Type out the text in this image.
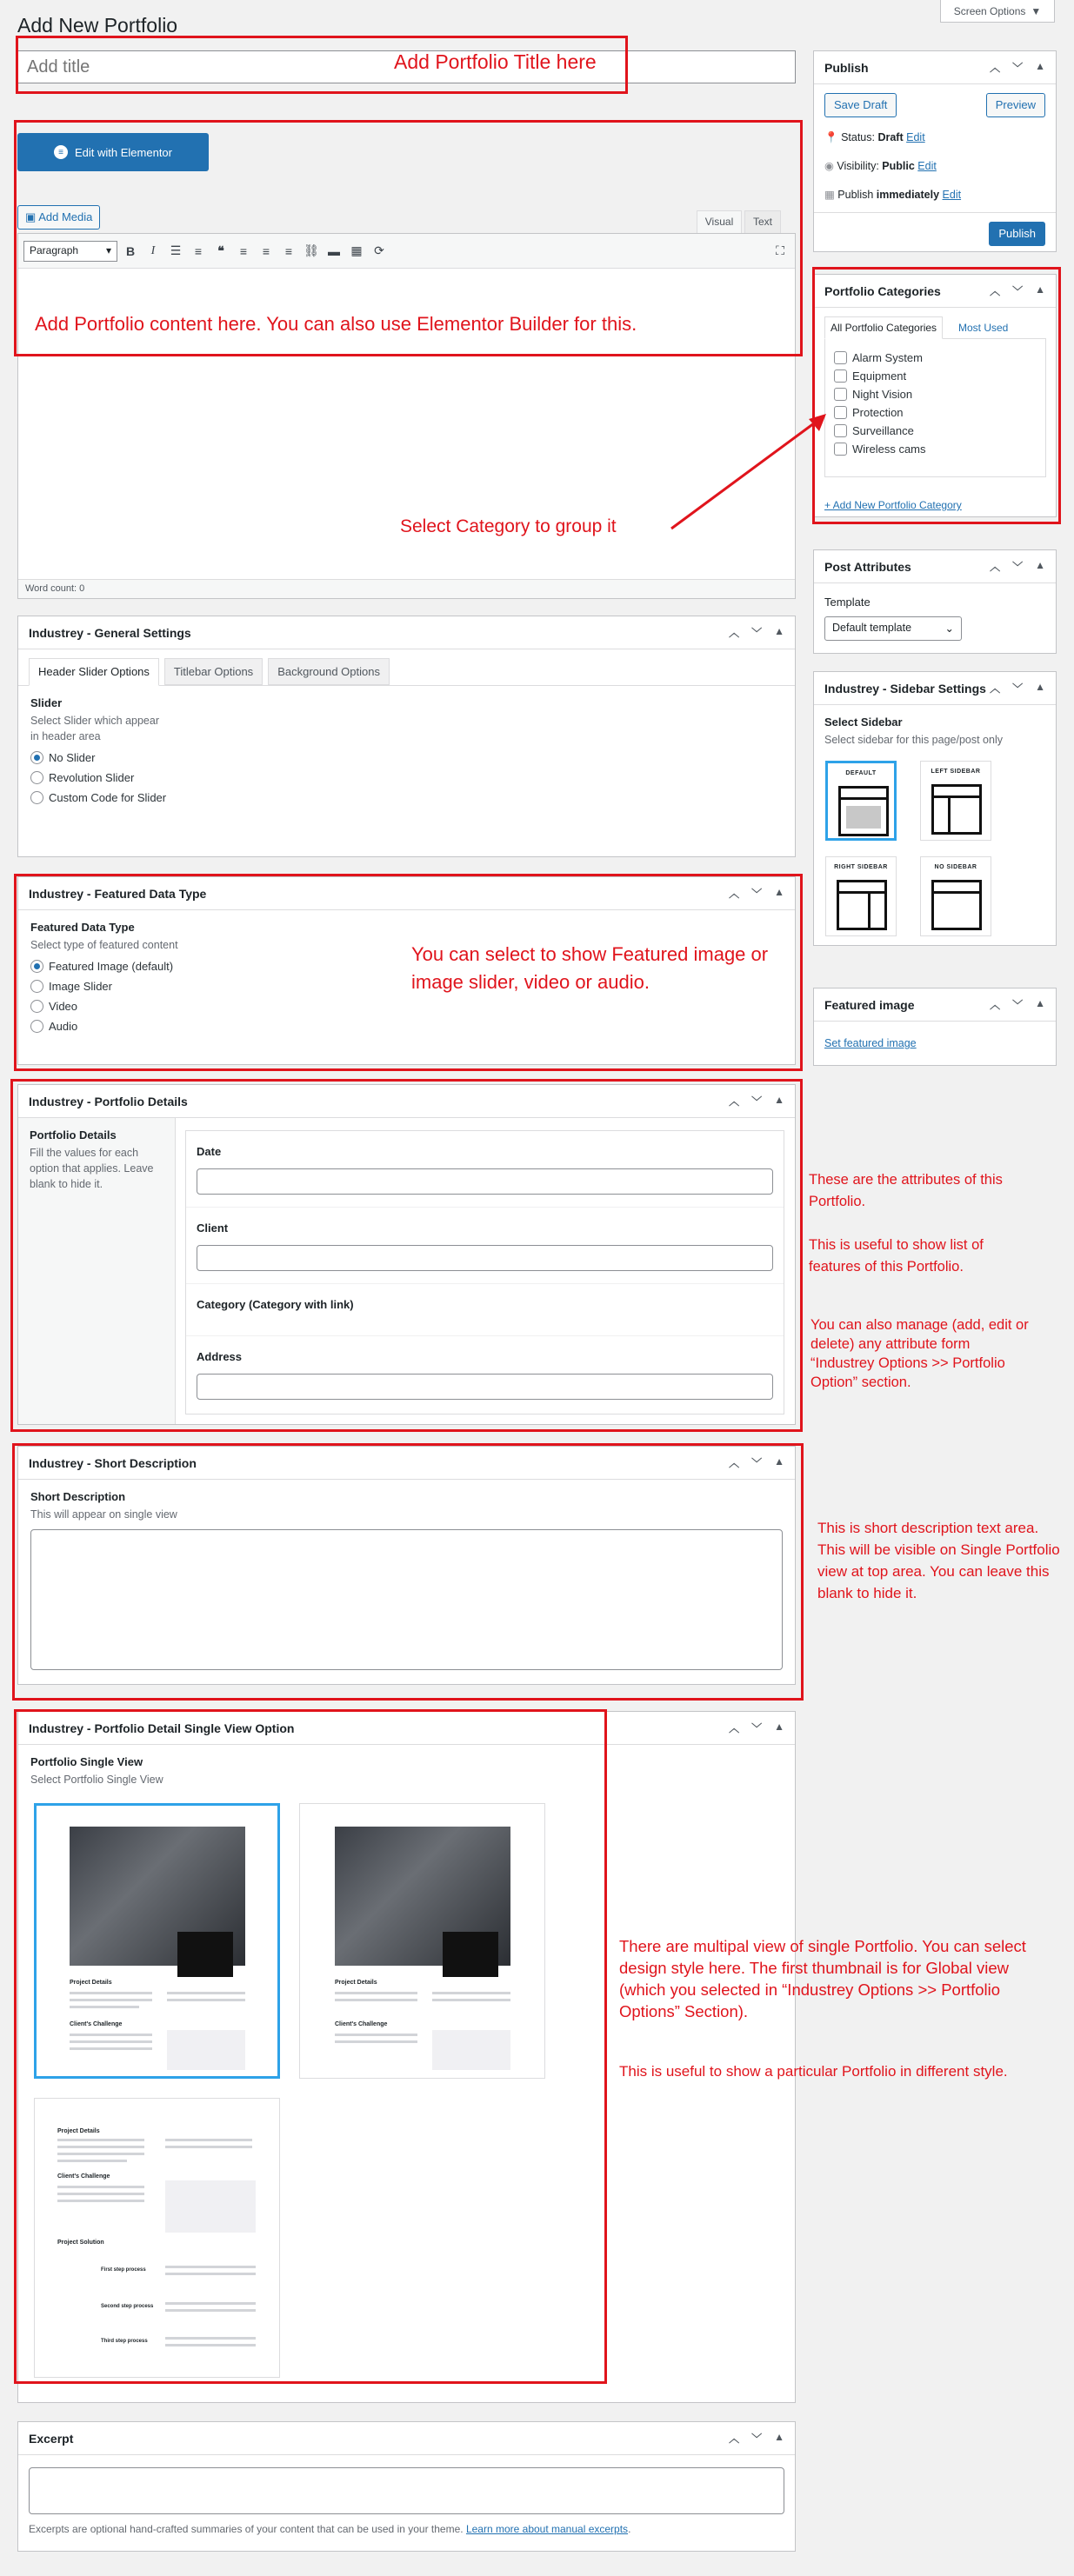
Add New Portfolio
Screen Options ▼
Add title
≡	Edit with Elementor
▣ Add Media	Visual	Text
Paragraph	▾	B	I	☰	≡	❝	≡	≡	≡ ⛓ ▬ ▦ ⟳	⛶
Word count: 0
Industrey - General Settings	︿ ﹀ ▲
Header Slider Options	Titlebar Options	Background Options
Slider
Select Slider which appear in header area
No Slider
Revolution Slider
Custom Code for Slider
Industrey - Featured Data Type	︿ ﹀ ▲
Featured Data Type
Select type of featured content
Featured Image (default)
Image Slider
Video
Audio
Industrey - Portfolio Details	︿ ﹀ ▲
Portfolio Details
Fill the values for each option that applies. Leave blank to hide it.
Date
Client
Category (Category with link)
Address
Industrey - Short Description	︿ ﹀ ▲
Short Description
This will appear on single view
Industrey - Portfolio Detail Single View Option	︿ ﹀ ▲
Portfolio Single View
Select Portfolio Single View
Project Details
Client's Challenge
Project Details
Client's Challenge
Project Details
Client's Challenge
Project Solution
First step process
Second step process
Third step process
Excerpt	︿ ﹀ ▲
Excerpts are optional hand-crafted summaries of your content that can be used in your theme. Learn more about manual excerpts.
Publish	︿ ﹀ ▲
Save Draft	Preview
📍 Status: Draft Edit
◉ Visibility: Public Edit
▦ Publish immediately Edit
Publish
Portfolio Categories	︿ ﹀ ▲
All Portfolio Categories	Most Used
Alarm System
Equipment
Night Vision
Protection
Surveillance
Wireless cams
+ Add New Portfolio Category
Post Attributes	︿ ﹀ ▲
Template
Default template	⌄
Industrey - Sidebar Settings ︿ ﹀ ▲
Select Sidebar
Select sidebar for this page/post only
DEFAULT	LEFT SIDEBAR
RIGHT SIDEBAR	NO SIDEBAR
Featured image	︿ ﹀ ▲
Set featured image
Add Portfolio Title here
Add Portfolio content here. You can also use Elementor Builder for this.
Select Category to group it
You can select to show Featured image or image slider, video or audio.
These are the attributes of this Portfolio.
This is useful to show list of features of this Portfolio.
You can also manage (add, edit or delete) any attribute form “Industrey Options >> Portfolio Option” section.
This is short description text area. This will be visible on Single Portfolio view at top area. You can leave this blank to hide it.
There are multipal view of single Portfolio. You can select design style here. The first thumbnail is for Global view (which you selected in “Industrey Options >> Portfolio Options” Section).
This is useful to show a particular Portfolio in different style.
